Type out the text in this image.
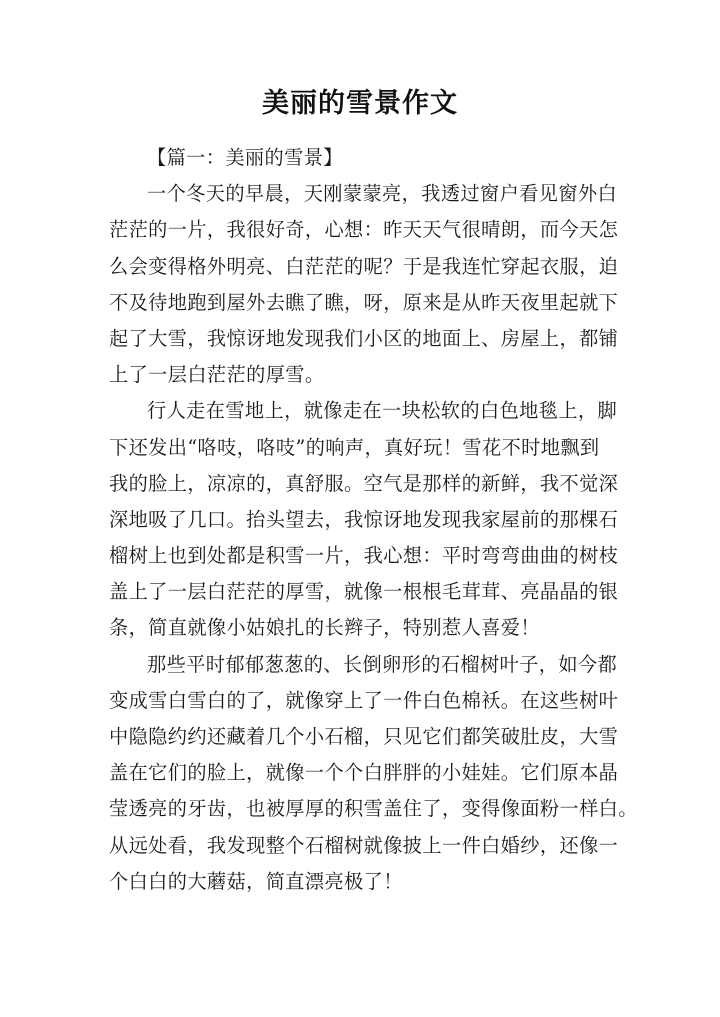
美丽的雪景作文
【篇一：美丽的雪景】
一个冬天的早晨，天刚蒙蒙亮，我透过窗户看见窗外白
茫茫的一片，我很好奇，心想：昨天天气很晴朗，而今天怎
么会变得格外明亮、白茫茫的呢？于是我连忙穿起衣服，迫
不及待地跑到屋外去瞧了瞧，呀，原来是从昨天夜里起就下
起了大雪，我惊讶地发现我们小区的地面上、房屋上，都铺
上了一层白茫茫的厚雪。
行人走在雪地上，就像走在一块松软的白色地毯上，脚
下还发出“咯吱，咯吱”的响声，真好玩！雪花不时地飘到
我的脸上，凉凉的，真舒服。空气是那样的新鲜，我不觉深
深地吸了几口。抬头望去，我惊讶地发现我家屋前的那棵石
榴树上也到处都是积雪一片，我心想：平时弯弯曲曲的树枝
盖上了一层白茫茫的厚雪，就像一根根毛茸茸、亮晶晶的银
条，简直就像小姑娘扎的长辫子，特别惹人喜爱！
那些平时郁郁葱葱的、长倒卵形的石榴树叶子，如今都
变成雪白雪白的了，就像穿上了一件白色棉袄。在这些树叶
中隐隐约约还藏着几个小石榴，只见它们都笑破肚皮，大雪
盖在它们的脸上，就像一个个白胖胖的小娃娃。它们原本晶
莹透亮的牙齿，也被厚厚的积雪盖住了，变得像面粉一样白。
从远处看，我发现整个石榴树就像披上一件白婚纱，还像一
个白白的大蘑菇，简直漂亮极了！
